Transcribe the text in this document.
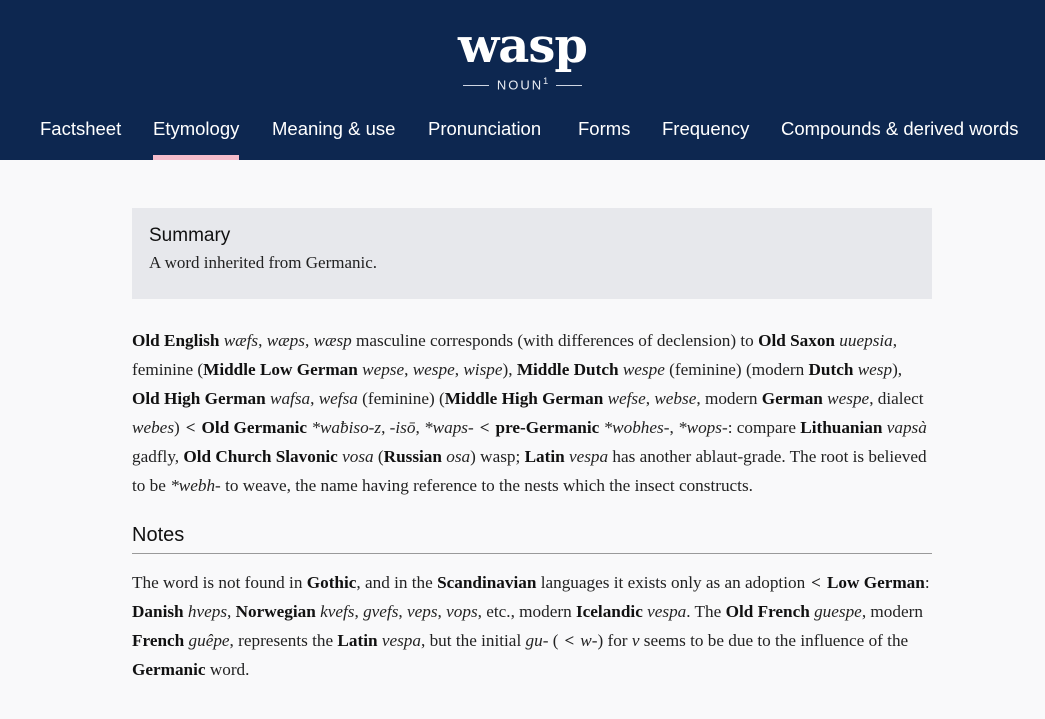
wasp
NOUN$^1$
Factsheet Etymology Meaning & use Pronunciation Forms Frequency Compounds & derived words
Summary

A word inherited from Germanic.

Old English wæfs, wæps, wæsp masculine corresponds (with differences of declension) to Old Saxon uuepsia, feminine (Middle Low German wepse, wespe, wispe), Middle Dutch wespe (feminine) (modern Dutch wesp), Old High German wafsa, wefsa (feminine) (Middle High German wefse, webse, modern German wespe, dialect webes) < Old Germanic *waƀiso-z, -isō, *waps- < pre-Germanic *wobhes-, *wops-: compare Lithuanian vapsà gadfly, Old Church Slavonic vosa (Russian osa) wasp; Latin vespa has another ablaut-grade. The root is believed to be *webh- to weave, the name having reference to the nests which the insect constructs.

Notes

The word is not found in Gothic, and in the Scandinavian languages it exists only as an adoption < Low German: Danish hveps, Norwegian kvefs, gvefs, veps, vops, etc., modern Icelandic vespa. The Old French guespe, modern French guêpe, represents the Latin vespa, but the initial gu- ( < w-) for v seems to be due to the influence of the Germanic word.
